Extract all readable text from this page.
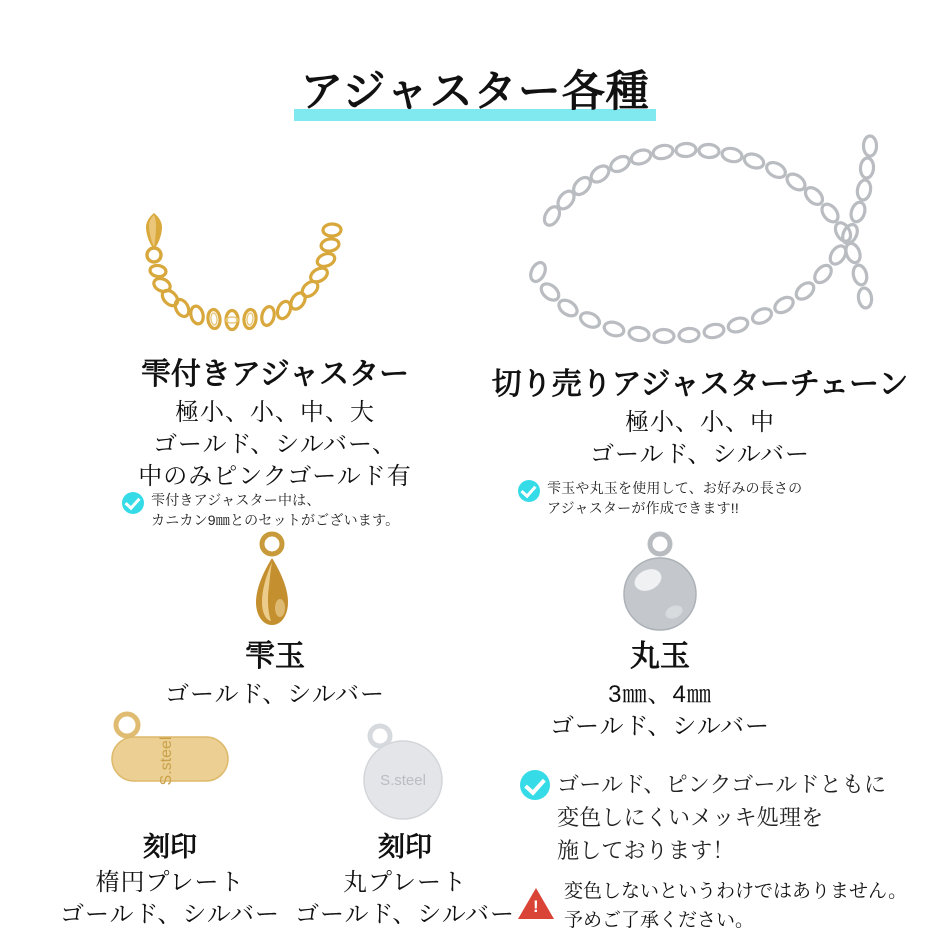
アジャスター各種
雫付きアジャスター
極小、小、中、大
ゴールド、シルバー、
中のみピンクゴールド有
雫付きアジャスター中は、
カニカン9㎜とのセットがございます。
切り売りアジャスターチェーン
極小、小、中
ゴールド、シルバー
雫玉や丸玉を使用して、お好みの長さの
アジャスターが作成できます!!
雫玉
ゴールド、シルバー
丸玉
3㎜、4㎜
ゴールド、シルバー
S.steel
刻印
楕円プレート
ゴールド、シルバー
S.steel
刻印
丸プレート
ゴールド、シルバー
ゴールド、ピンクゴールドともに
変色しにくいメッキ処理を
施しております！
!
変色しないというわけではありません。
予めご了承ください。
